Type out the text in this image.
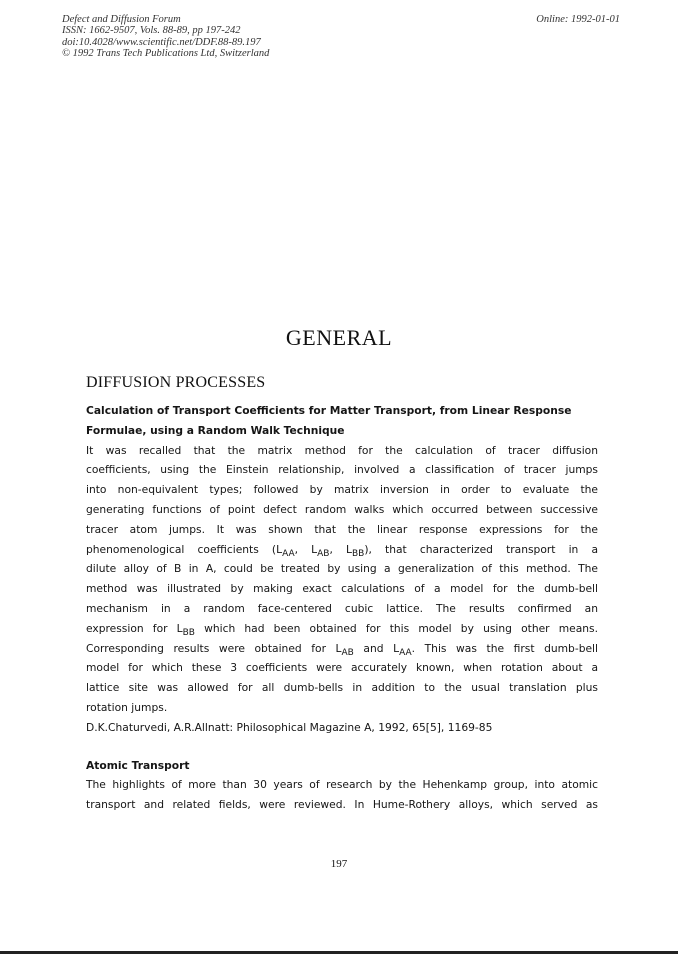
Defect and Diffusion Forum
ISSN: 1662-9507, Vols. 88-89, pp 197-242
doi:10.4028/www.scientific.net/DDF.88-89.197
© 1992 Trans Tech Publications Ltd, Switzerland
Online: 1992-01-01
GENERAL
DIFFUSION PROCESSES
Calculation of Transport Coefficients for Matter Transport, from Linear Response
Formulae, using a Random Walk Technique
It was recalled that the matrix method for the calculation of tracer diffusion
coefficients, using the Einstein relationship, involved a classification of tracer jumps
into non-equivalent types; followed by matrix inversion in order to evaluate the
generating functions of point defect random walks which occurred between successive
tracer atom jumps. It was shown that the linear response expressions for the
phenomenological coefficients ($L_{AA}$, $L_{AB}$, $L_{BB}$), that characterized transport in a
dilute alloy of B in A, could be treated by using a generalization of this method. The
method was illustrated by making exact calculations of a model for the dumb-bell
mechanism in a random face-centered cubic lattice. The results confirmed an
expression for $L_{BB}$ which had been obtained for this model by using other means.
Corresponding results were obtained for $L_{AB}$ and $L_{AA}$. This was the first dumb-bell
model for which these 3 coefficients were accurately known, when rotation about a
lattice site was allowed for all dumb-bells in addition to the usual translation plus
rotation jumps.
D.K.Chaturvedi, A.R.Allnatt: Philosophical Magazine A, 1992, 65[5], 1169-85
Atomic Transport
The highlights of more than 30 years of research by the Hehenkamp group, into atomic
transport and related fields, were reviewed. In Hume-Rothery alloys, which served as
197
